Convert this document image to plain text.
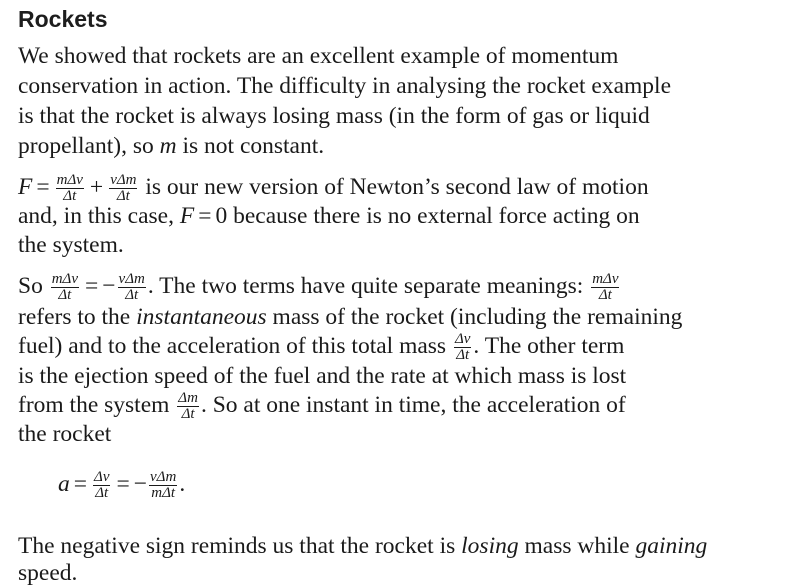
Rockets
We showed that rockets are an excellent example of momentum
conservation in action. The difficulty in analysing the rocket example
is that the rocket is always losing mass (in the form of gas or liquid
propellant), so m is not constant.
$F = \frac{\text{mΔv}}{\Delta t} + \frac{\text{vΔm}}{\Delta t}$ is our new version of Newton’s second law of motion
and, in this case, F = 0 because there is no external force acting on
the system.
So $\frac{\text{mΔv}}{\Delta t}$ = − $\frac{\text{vΔm}}{\Delta t}$ . The two terms have quite separate meanings: $\frac{\text{mΔv}}{\Delta t}$
refers to the instantaneous mass of the rocket (including the remaining
fuel) and to the acceleration of this total mass $\frac{\Delta v}{\Delta t}$ . The other term
is the ejection speed of the fuel and the rate at which mass is lost
from the system $\frac{\Delta m}{\Delta t}$ . So at one instant in time, the acceleration of
the rocket
$a = \frac{\Delta v}{\Delta t}$ = − $\frac{\text{vΔm}}{\text{mΔt}}$ .
The negative sign reminds us that the rocket is losing mass while gaining
speed.
